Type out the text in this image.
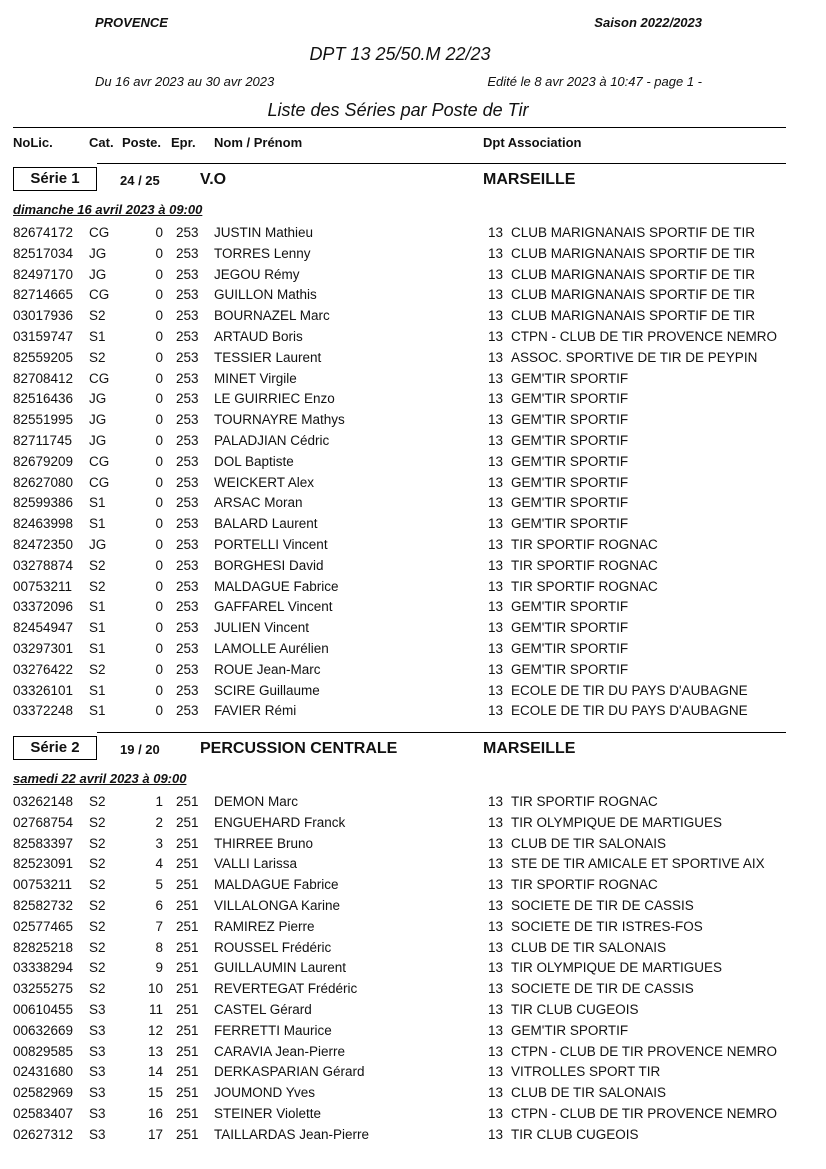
PROVENCE	Saison 2022/2023
DPT 13 25/50.M 22/23
Du 16 avr 2023 au 30 avr 2023	Edité le 8 avr 2023 à 10:47 - page 1 -
Liste des Séries par Poste de Tir
NoLic.	Cat. Poste. Epr. Nom / Prénom	Dpt Association
Série 1	24 / 25	V.O	MARSEILLE
dimanche 16 avril 2023 à 09:00
82674172 CG	0 253 JUSTIN Mathieu	13 CLUB MARIGNANAIS SPORTIF DE TIR
82517034 JG	0 253 TORRES Lenny	13 CLUB MARIGNANAIS SPORTIF DE TIR
82497170 JG	0 253 JEGOU Rémy	13 CLUB MARIGNANAIS SPORTIF DE TIR
82714665 CG	0 253 GUILLON Mathis	13 CLUB MARIGNANAIS SPORTIF DE TIR
03017936 S2	0 253 BOURNAZEL Marc	13 CLUB MARIGNANAIS SPORTIF DE TIR
03159747 S1	0 253 ARTAUD Boris	13 CTPN - CLUB DE TIR PROVENCE NEMRO
82559205 S2	0 253 TESSIER Laurent	13 ASSOC. SPORTIVE DE TIR DE PEYPIN
82708412 CG	0 253 MINET Virgile	13 GEM'TIR SPORTIF
82516436 JG	0 253 LE GUIRRIEC Enzo	13 GEM'TIR SPORTIF
82551995 JG	0 253 TOURNAYRE Mathys	13 GEM'TIR SPORTIF
82711745 JG	0 253 PALADJIAN Cédric	13 GEM'TIR SPORTIF
82679209 CG	0 253 DOL Baptiste	13 GEM'TIR SPORTIF
82627080 CG	0 253 WEICKERT Alex	13 GEM'TIR SPORTIF
82599386 S1	0 253 ARSAC Moran	13 GEM'TIR SPORTIF
82463998 S1	0 253 BALARD Laurent	13 GEM'TIR SPORTIF
82472350 JG	0 253 PORTELLI Vincent	13 TIR SPORTIF ROGNAC
03278874 S2	0 253 BORGHESI David	13 TIR SPORTIF ROGNAC
00753211 S2	0 253 MALDAGUE Fabrice	13 TIR SPORTIF ROGNAC
03372096 S1	0 253 GAFFAREL Vincent	13 GEM'TIR SPORTIF
82454947 S1	0 253 JULIEN Vincent	13 GEM'TIR SPORTIF
03297301 S1	0 253 LAMOLLE Aurélien	13 GEM'TIR SPORTIF
03276422 S2	0 253 ROUE Jean-Marc	13 GEM'TIR SPORTIF
03326101 S1	0 253 SCIRE Guillaume	13 ECOLE DE TIR DU PAYS D'AUBAGNE
03372248 S1	0 253 FAVIER Rémi	13 ECOLE DE TIR DU PAYS D'AUBAGNE
Série 2	19 / 20	PERCUSSION CENTRALE	MARSEILLE
samedi 22 avril 2023 à 09:00
03262148 S2	1 251 DEMON Marc	13 TIR SPORTIF ROGNAC
02768754 S2	2 251 ENGUEHARD Franck	13 TIR OLYMPIQUE DE MARTIGUES
82583397 S2	3 251 THIRREE Bruno	13 CLUB DE TIR SALONAIS
82523091 S2	4 251 VALLI Larissa	13 STE DE TIR AMICALE ET SPORTIVE AIX
00753211 S2	5 251 MALDAGUE Fabrice	13 TIR SPORTIF ROGNAC
82582732 S2	6 251 VILLALONGA Karine	13 SOCIETE DE TIR DE CASSIS
02577465 S2	7 251 RAMIREZ Pierre	13 SOCIETE DE TIR ISTRES-FOS
82825218 S2	8 251 ROUSSEL Frédéric	13 CLUB DE TIR SALONAIS
03338294 S2	9 251 GUILLAUMIN Laurent	13 TIR OLYMPIQUE DE MARTIGUES
03255275 S2	10 251 REVERTEGAT Frédéric	13 SOCIETE DE TIR DE CASSIS
00610455 S3	11 251 CASTEL Gérard	13 TIR CLUB CUGEOIS
00632669 S3	12 251 FERRETTI Maurice	13 GEM'TIR SPORTIF
00829585 S3	13 251 CARAVIA Jean-Pierre	13 CTPN - CLUB DE TIR PROVENCE NEMRO
02431680 S3	14 251 DERKASPARIAN Gérard	13 VITROLLES SPORT TIR
02582969 S3	15 251 JOUMOND Yves	13 CLUB DE TIR SALONAIS
02583407 S3	16 251 STEINER Violette	13 CTPN - CLUB DE TIR PROVENCE NEMRO
02627312 S3	17 251 TAILLARDAS Jean-Pierre	13 TIR CLUB CUGEOIS
